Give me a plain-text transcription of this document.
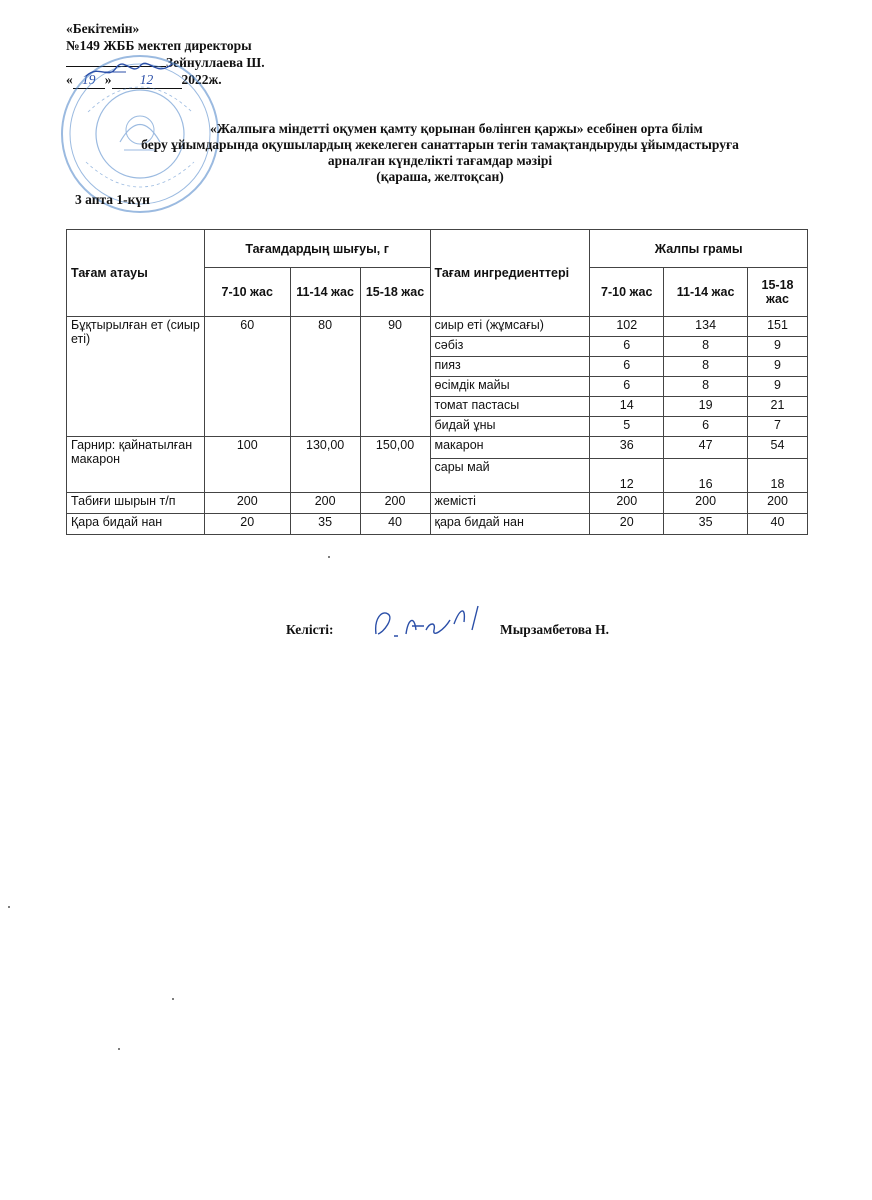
«Бекітемін»
№149 ЖББ мектеп директоры
Зейнуллаева Ш.
« 19 » 12 2022ж.
«Жалпыға міндетті оқумен қамту қорынан бөлінген қаржы» есебінен орта білім
беру ұйымдарында оқушылардың жекелеген санаттарын тегін тамақтандыруды ұйымдастыруға
арналған күнделікті тағамдар мәзірі
(қараша, желтоқсан)
3 апта 1-күн
Тағам атауы	Тағамдардың шығуы, г			Тағам ингредиенттері	Жалпы грамы		
	7-10 жас	11-14 жас	15-18 жас		7-10 жас	11-14 жас	15-18 жас
Бұқтырылған ет (сиыр еті)	60	80	90	сиыр еті (жұмсағы)	102	134	151
				сәбіз	6	8	9
				пияз	6	8	9
				өсімдік майы	6	8	9
				томат пастасы	14	19	21
				бидай ұны	5	6	7
Гарнир: қайнатылған макарон	100	130,00	150,00	макарон	36	47	54
				сары май	12	16	18
Табиғи шырын т/п	200	200	200	жемісті	200	200	200
Қара бидай нан	20	35	40	қара бидай нан	20	35	40
Келісті:	Мырзамбетова Н.
